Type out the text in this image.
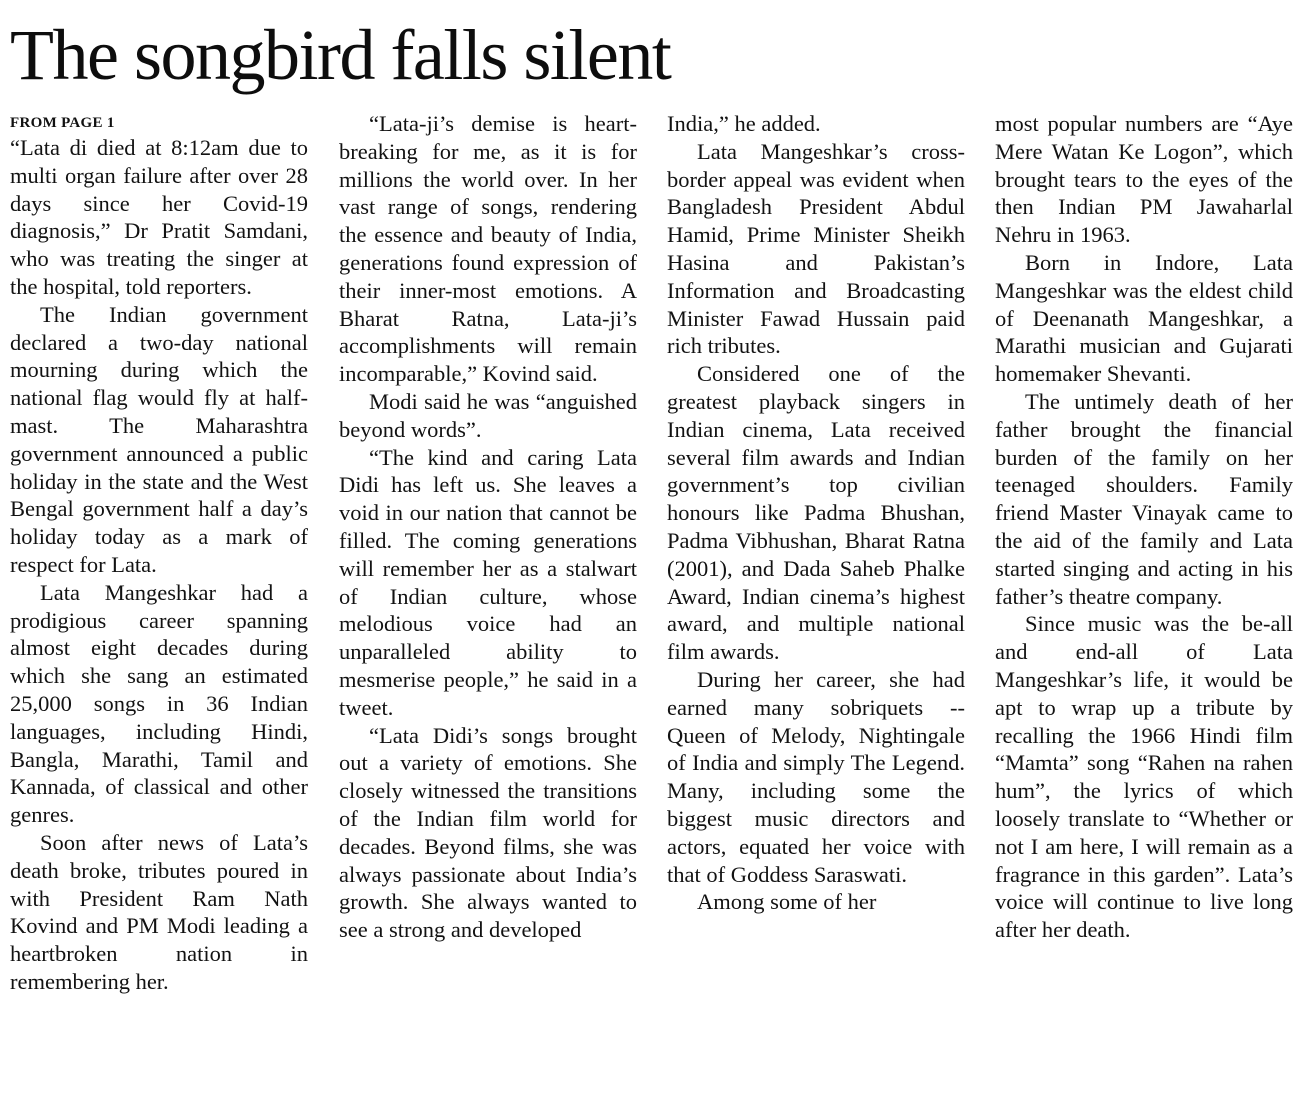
The songbird falls silent
FROM PAGE 1

“Lata di died at 8:12am due to multi organ failure after over 28 days since her Covid-19 diagnosis,” Dr Pratit Samdani, who was treating the singer at the hospital, told reporters.

The Indian government declared a two-day national mourning during which the national flag would fly at half-mast. The Maharashtra government announced a public holiday in the state and the West Bengal government half a day’s holiday today as a mark of respect for Lata.

Lata Mangeshkar had a prodigious career spanning almost eight decades during which she sang an estimated 25,000 songs in 36 Indian languages, including Hindi, Bangla, Marathi, Tamil and Kannada, of classical and other genres.

Soon after news of Lata’s death broke, tributes poured in with President Ram Nath Kovind and PM Modi leading a heartbroken nation in remembering her.

“Lata-ji’s demise is heart-breaking for me, as it is for millions the world over. In her vast range of songs, rendering the essence and beauty of India, generations found expression of their inner-most emotions. A Bharat Ratna, Lata-ji’s accomplishments will remain incomparable,” Kovind said.

Modi said he was “anguished beyond words”.

“The kind and caring Lata Didi has left us. She leaves a void in our nation that cannot be filled. The coming generations will remember her as a stalwart of Indian culture, whose melodious voice had an unparalleled ability to mesmerise people,” he said in a tweet.

“Lata Didi’s songs brought out a variety of emotions. She closely witnessed the transitions of the Indian film world for decades. Beyond films, she was always passionate about India’s growth. She always wanted to see a strong and developed

India,” he added.

Lata Mangeshkar’s cross-border appeal was evident when Bangladesh President Abdul Hamid, Prime Minister Sheikh Hasina and Pakistan’s Information and Broadcasting Minister Fawad Hussain paid rich tributes.

Considered one of the greatest playback singers in Indian cinema, Lata received several film awards and Indian government’s top civilian honours like Padma Bhushan, Padma Vibhushan, Bharat Ratna (2001), and Dada Saheb Phalke Award, Indian cinema’s highest award, and multiple national film awards.

During her career, she had earned many sobriquets -- Queen of Melody, Nightingale of India and simply The Legend. Many, including some the biggest music directors and actors, equated her voice with that of Goddess Saraswati.

Among some of her

most popular numbers are “Aye Mere Watan Ke Logon”, which brought tears to the eyes of the then Indian PM Jawaharlal Nehru in 1963.

Born in Indore, Lata Mangeshkar was the eldest child of Deenanath Mangeshkar, a Marathi musician and Gujarati homemaker Shevanti.

The untimely death of her father brought the financial burden of the family on her teenaged shoulders. Family friend Master Vinayak came to the aid of the family and Lata started singing and acting in his father’s theatre company.

Since music was the be-all and end-all of Lata Mangeshkar’s life, it would be apt to wrap up a tribute by recalling the 1966 Hindi film “Mamta” song “Rahen na rahen hum”, the lyrics of which loosely translate to “Whether or not I am here, I will remain as a fragrance in this garden”. Lata’s voice will continue to live long after her death.
